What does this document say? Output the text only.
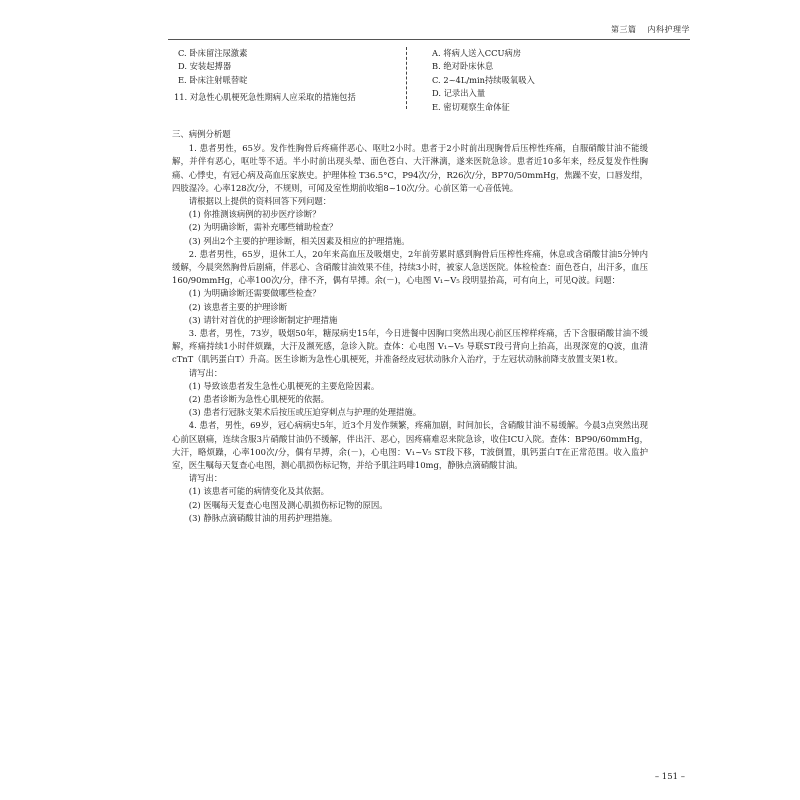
第三篇 内科护理学
C. 卧床留注尿激素
D. 安装起搏器
E. 卧床注射哌替啶
11. 对急性心肌梗死急性期病人应采取的措施包括
A. 将病人送入CCU病房
B. 绝对卧床休息
C. 2~4L/min持续吸氧吸入
D. 记录出入量
E. 密切观察生命体征

三、病例分析题

1. 患者男性，65岁。发作性胸骨后疼痛伴恶心、呕吐2小时。患者于2小时前出现胸骨后压榨性疼痛，自服硝酸甘油不能缓解，并伴有恶心，呕吐等不适。半小时前出现头晕、面色苍白、大汗淋漓，遂来医院急诊。患者近10多年来，经反复发作性胸痛、心悸史，有冠心病及高血压家族史。护理体检 T36.5°C，P94次/分，R26次/分，BP70/50mmHg，焦躁不安，口唇发绀，四肢湿冷。心率128次/分，不规则，可闻及室性期前收缩8~10次/分。心前区第一心音低钝。

请根据以上提供的资料回答下列问题：

(1) 你推测该病例的初步医疗诊断？

(2) 为明确诊断，需补充哪些辅助检查？

(3) 列出2个主要的护理诊断，相关因素及相应的护理措施。

2. 患者男性，65岁，退休工人，20年来高血压及吸烟史，2年前劳累时感到胸骨后压榨性疼痛，休息或含硝酸甘油5分钟内缓解，今晨突然胸骨后剧痛，伴恶心、含硝酸甘油效果不佳，持续3小时，被家人急送医院。体检检查：面色苍白，出汗多，血压160/90mmHg，心率100次/分，律不齐，偶有早搏。余(－)，心电图 V₁~V₅ 段明显抬高，可有向上，可见Q波。问题：

(1) 为明确诊断还需要做哪些检查？

(2) 该患者主要的护理诊断

(3) 请针对首优的护理诊断制定护理措施

3. 患者，男性，73岁，吸烟50年，糖尿病史15年，今日进餐中因胸口突然出现心前区压榨样疼痛，舌下含服硝酸甘油不缓解，疼痛持续1小时伴烦躁，大汗及濒死感，急诊入院。查体：心电图 V₁~V₅ 导联ST段弓背向上抬高，出现深宽的Q波，血清cTnT（肌钙蛋白T）升高。医生诊断为急性心肌梗死，并准备经皮冠状动脉介入治疗，于左冠状动脉前降支放置支架1枚。

请写出：

(1) 导致该患者发生急性心肌梗死的主要危险因素。

(2) 患者诊断为急性心肌梗死的依据。

(3) 患者行冠脉支架术后按压或压迫穿刺点与护理的处理措施。

4. 患者，男性，69岁，冠心病病史5年，近3个月发作频繁，疼痛加剧，时间加长，含硝酸甘油不易缓解。今晨3点突然出现心前区剧痛，连续含服3片硝酸甘油仍不缓解，伴出汗、恶心，因疼痛难忍来院急诊，收住ICU入院。查体：BP90/60mmHg，大汗，略烦躁，心率100次/分，偶有早搏，余(－)，心电图：V₁~V₅ ST段下移，T波倒置，肌钙蛋白T在正常范围。收入监护室，医生嘱每天复查心电图，测心肌损伤标记物，并给予肌注吗啡10mg，静脉点滴硝酸甘油。

请写出：

(1) 该患者可能的病情变化及其依据。

(2) 医嘱每天复查心电图及测心肌损伤标记物的原因。

(3) 静脉点滴硝酸甘油的用药护理措施。

– 151 –
